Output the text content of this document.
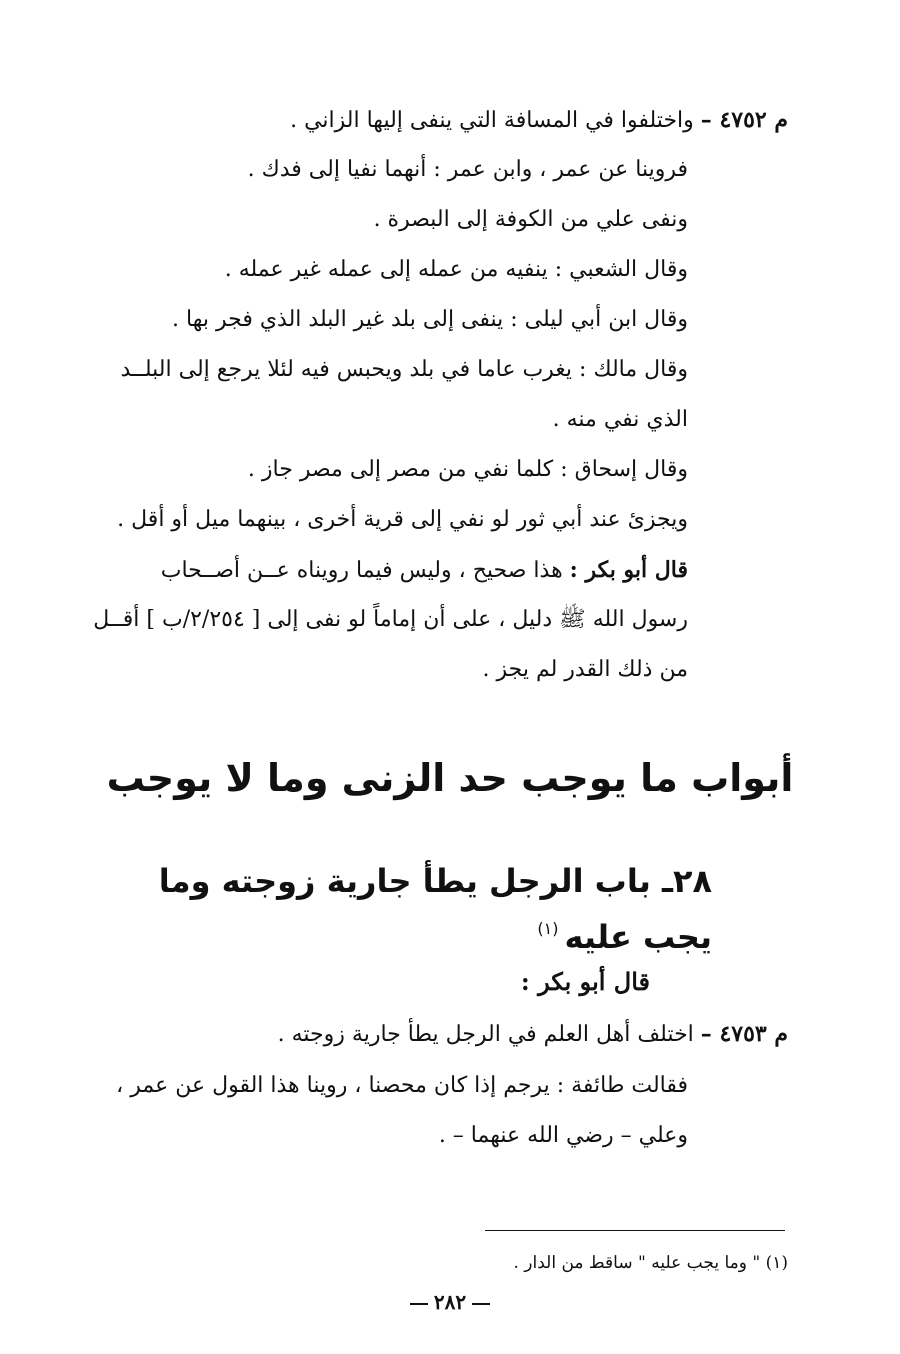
م ٤٧٥٢ – واختلفوا في المسافة التي ينفى إليها الزاني .
فروينا عن عمر ، وابن عمر : أنهما نفيا إلى فدك .
ونفى علي من الكوفة إلى البصرة .
وقال الشعبي : ينفيه من عمله إلى عمله غير عمله .
وقال ابن أبي ليلى : ينفى إلى بلد غير البلد الذي فجر بها .
وقال مالك : يغرب عاما في بلد ويحبس فيه لئلا يرجع إلى البلــد
الذي نفي منه .
وقال إسحاق : كلما نفي من مصر إلى مصر جاز .
ويجزئ عند أبي ثور لو نفي إلى قرية أخرى ، بينهما ميل أو أقل .
قال أبو بكر : هذا صحيح ، وليس فيما رويناه عــن أصــحاب
رسول الله ﷺ دليل ، على أن إماماً لو نفى إلى [ ٢/٢٥٤/ب ] أقــل
من ذلك القدر لم يجز .
أبواب ما يوجب حد الزنى وما لا يوجب
٢٨ـ باب الرجل يطأ جارية زوجته وما يجب عليه$^{(١)}$
قال أبو بكر :
م ٤٧٥٣ – اختلف أهل العلم في الرجل يطأ جارية زوجته .
فقالت طائفة : يرجم إذا كان محصنا ، روينا هذا القول عن عمر ،
وعلي – رضي الله عنهما – .
(١) " وما يجب عليه " ساقط من الدار .
٢٨٢
